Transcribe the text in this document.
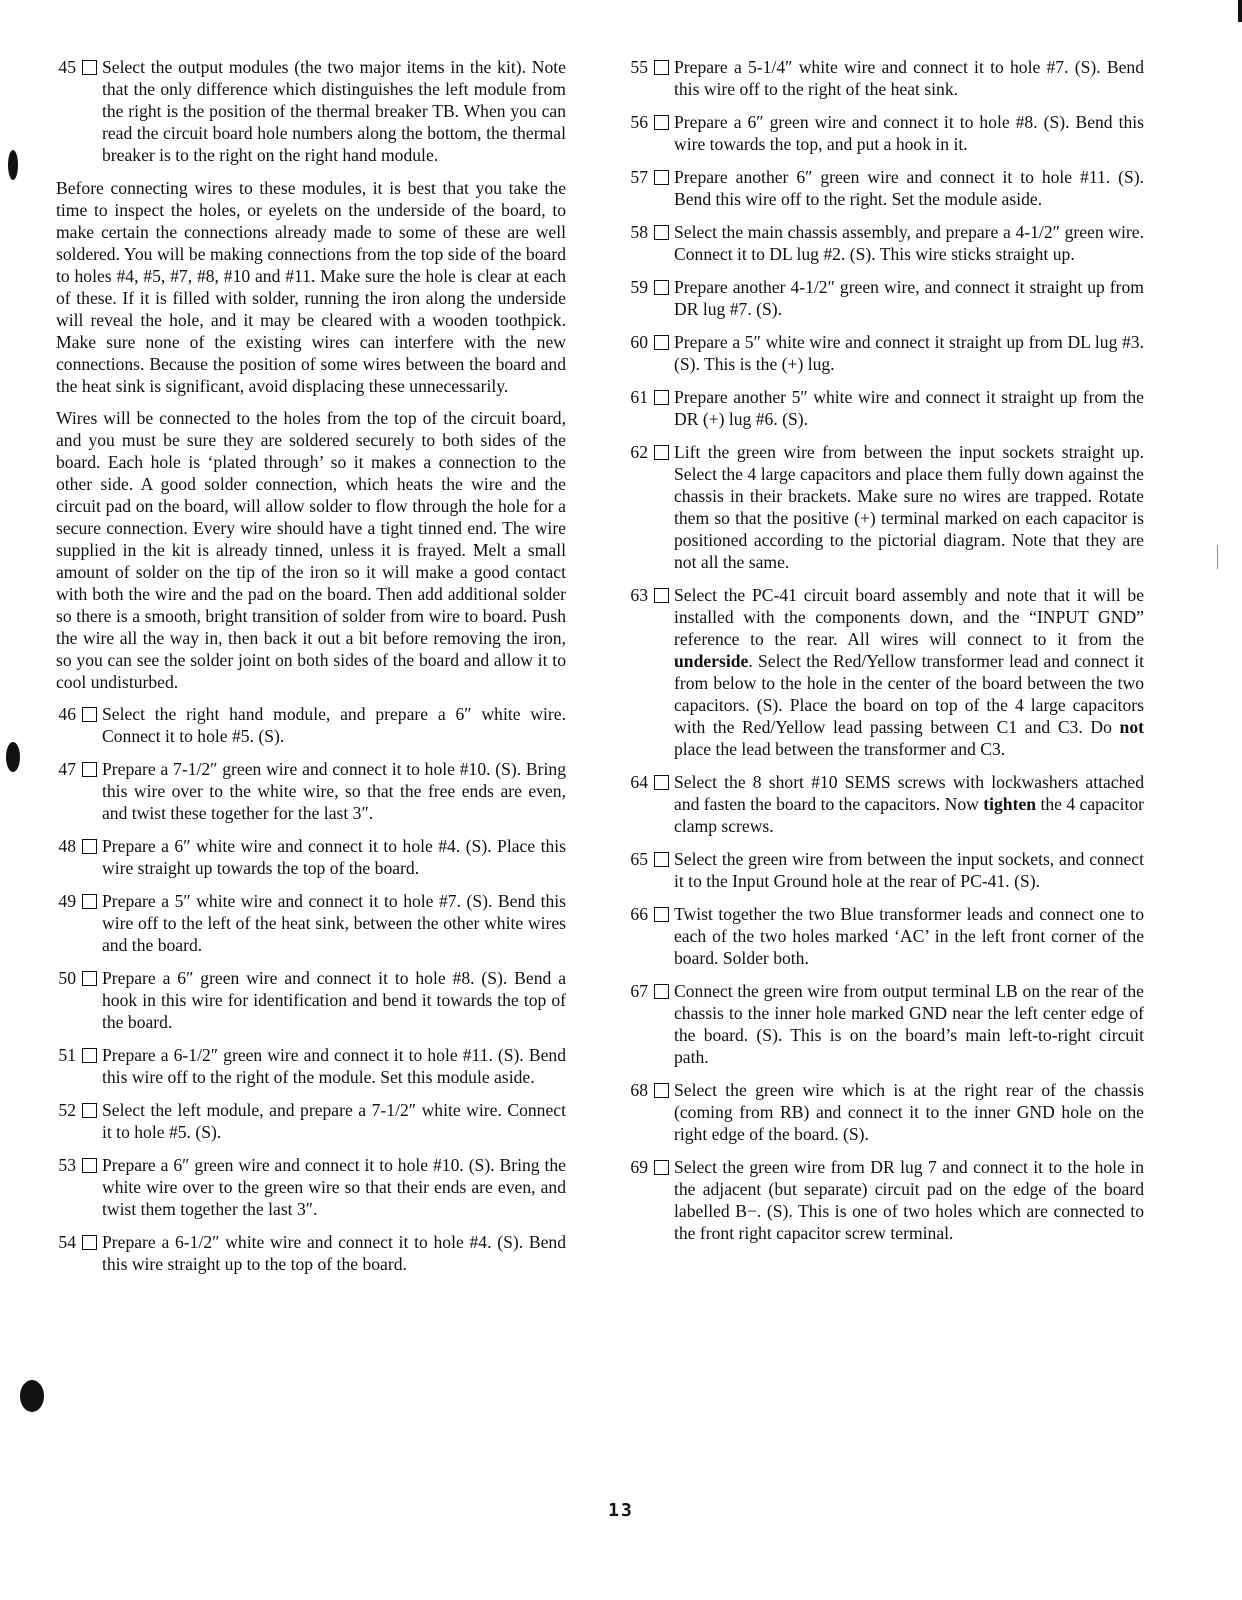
45 Select the output modules (the two major items in the kit). Note that the only difference which distinguishes the left module from the right is the position of the thermal breaker TB. When you can read the circuit board hole numbers along the bottom, the thermal breaker is to the right on the right hand module.

Before connecting wires to these modules, it is best that you take the time to inspect the holes, or eyelets on the underside of the board, to make certain the connections already made to some of these are well soldered. You will be making connections from the top side of the board to holes #4, #5, #7, #8, #10 and #11. Make sure the hole is clear at each of these. If it is filled with solder, running the iron along the underside will reveal the hole, and it may be cleared with a wooden toothpick. Make sure none of the existing wires can interfere with the new connections. Because the position of some wires between the board and the heat sink is significant, avoid displacing these unnecessarily.

Wires will be connected to the holes from the top of the circuit board, and you must be sure they are soldered securely to both sides of the board. Each hole is ‘plated through’ so it makes a connection to the other side. A good solder connection, which heats the wire and the circuit pad on the board, will allow solder to flow through the hole for a secure connection. Every wire should have a tight tinned end. The wire supplied in the kit is already tinned, unless it is frayed. Melt a small amount of solder on the tip of the iron so it will make a good contact with both the wire and the pad on the board. Then add additional solder so there is a smooth, bright transition of solder from wire to board. Push the wire all the way in, then back it out a bit before removing the iron, so you can see the solder joint on both sides of the board and allow it to cool undisturbed.

46 Select the right hand module, and prepare a 6″ white wire. Connect it to hole #5. (S).
47 Prepare a 7-1/2″ green wire and connect it to hole #10. (S). Bring this wire over to the white wire, so that the free ends are even, and twist these together for the last 3″.
48 Prepare a 6″ white wire and connect it to hole #4. (S). Place this wire straight up towards the top of the board.
49 Prepare a 5″ white wire and connect it to hole #7. (S). Bend this wire off to the left of the heat sink, between the other white wires and the board.
50 Prepare a 6″ green wire and connect it to hole #8. (S). Bend a hook in this wire for identification and bend it towards the top of the board.
51 Prepare a 6-1/2″ green wire and connect it to hole #11. (S). Bend this wire off to the right of the module. Set this module aside.
52 Select the left module, and prepare a 7-1/2″ white wire. Connect it to hole #5. (S).
53 Prepare a 6″ green wire and connect it to hole #10. (S). Bring the white wire over to the green wire so that their ends are even, and twist them together the last 3″.
54 Prepare a 6-1/2″ white wire and connect it to hole #4. (S). Bend this wire straight up to the top of the board.
55 Prepare a 5-1/4″ white wire and connect it to hole #7. (S). Bend this wire off to the right of the heat sink.
56 Prepare a 6″ green wire and connect it to hole #8. (S). Bend this wire towards the top, and put a hook in it.
57 Prepare another 6″ green wire and connect it to hole #11. (S). Bend this wire off to the right. Set the module aside.
58 Select the main chassis assembly, and prepare a 4-1/2″ green wire. Connect it to DL lug #2. (S). This wire sticks straight up.
59 Prepare another 4-1/2″ green wire, and connect it straight up from DR lug #7. (S).
60 Prepare a 5″ white wire and connect it straight up from DL lug #3. (S). This is the (+) lug.
61 Prepare another 5″ white wire and connect it straight up from the DR (+) lug #6. (S).
62 Lift the green wire from between the input sockets straight up. Select the 4 large capacitors and place them fully down against the chassis in their brackets. Make sure no wires are trapped. Rotate them so that the positive (+) terminal marked on each capacitor is positioned according to the pictorial diagram. Note that they are not all the same.
63 Select the PC-41 circuit board assembly and note that it will be installed with the components down, and the “INPUT GND” reference to the rear. All wires will connect to it from the underside. Select the Red/Yellow transformer lead and connect it from below to the hole in the center of the board between the two capacitors. (S). Place the board on top of the 4 large capacitors with the Red/Yellow lead passing between C1 and C3. Do not place the lead between the transformer and C3.
64 Select the 8 short #10 SEMS screws with lockwashers attached and fasten the board to the capacitors. Now tighten the 4 capacitor clamp screws.
65 Select the green wire from between the input sockets, and connect it to the Input Ground hole at the rear of PC-41. (S).
66 Twist together the two Blue transformer leads and connect one to each of the two holes marked ‘AC’ in the left front corner of the board. Solder both.
67 Connect the green wire from output terminal LB on the rear of the chassis to the inner hole marked GND near the left center edge of the board. (S). This is on the board’s main left-to-right circuit path.
68 Select the green wire which is at the right rear of the chassis (coming from RB) and connect it to the inner GND hole on the right edge of the board. (S).
69 Select the green wire from DR lug 7 and connect it to the hole in the adjacent (but separate) circuit pad on the edge of the board labelled B−. (S). This is one of two holes which are connected to the front right capacitor screw terminal.
13
